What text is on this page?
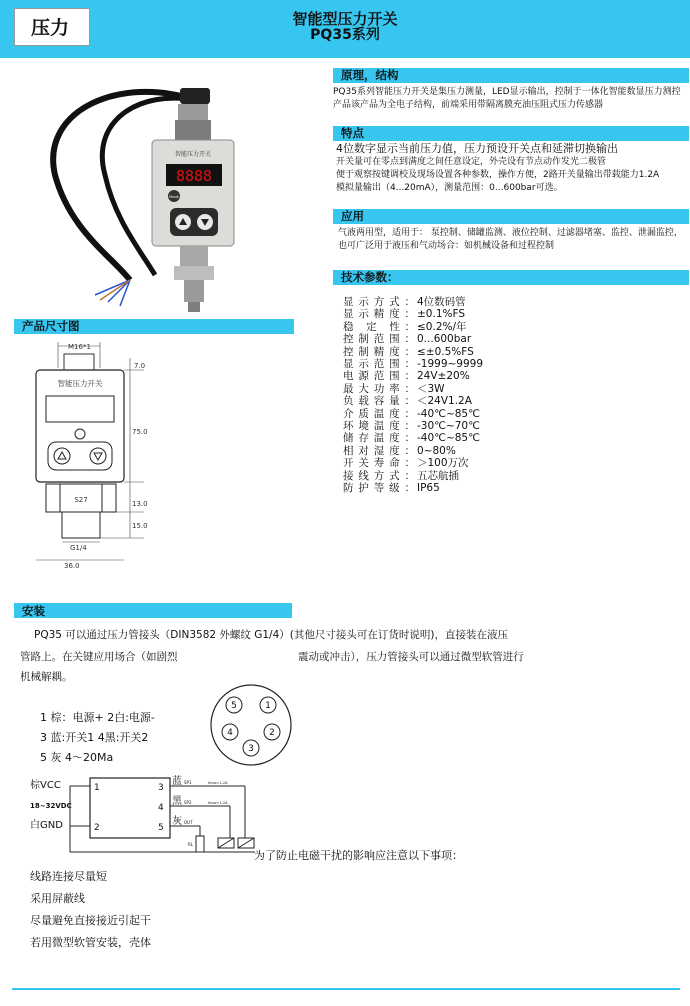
压力	智能型压力开关
PQ35系列
智能压力开关
8888
Mode
原理，结构
PQ35系列智能压力开关是集压力测量，LED显示输出，控制于一体化智能数显压力测控产品该产品为全电子结构，前端采用带隔离膜充油压阻式压力传感器
特点
4位数字显示当前压力值，压力预设开关点和延滞切换输出
开关量可在零点到满度之间任意设定，外壳设有节点动作发光二极管
便于观察按键调校及现场设置各种参数，操作方便，2路开关量输出带载能力1.2A
模拟量输出（4...20mA），测量范围：0...600bar可选。
应用
气液两用型，适用于： 泵控制、储罐监测、液位控制、过滤器堵塞、监控、泄漏监控，也可广泛用于液压和气动场合：如机械设备和过程控制
技术参数：
显示方式： 4位数码管
显示精度： ±0.1%FS
稳 定 性： ≤0.2%/年
控制范围： 0...600bar
控制精度： ≤±0.5%FS
显示范围： -1999~9999
电源范围： 24V±20%
最大功率： ＜3W
负载容量： ＜24V1.2A
介质温度： -40℃~85℃
环境温度： -30℃~70℃
储存温度： -40℃~85℃
相对湿度： 0~80%
开关寿命： ＞100万次
接线方式： 五芯航插
防护等级： IP65
产品尺寸图
M16*1
智能压力开关
S27
G1/4
36.0
7.0
75.0
13.0
15.0
安装
PQ35 可以通过压力管接头（DIN3582 外螺纹 G1/4）(其他尺寸接头可在订货时说明)，直接装在液压
管路上。在关键应用场合（如剧烈	震动或冲击），压力管接头可以通过微型软管进行
机械解耦。
1 棕：电源+ 2白:电源-
3 蓝:开关1 4黑:开关2
5 灰 4～20Ma
5	1
4	2
3
棕VCC
18~32VDC
白GND
1
2
3
4
5
蓝
黑
灰
SP1
SP2
OUT
Imax=1.2A
Imax=1.2A
RL
为了防止电磁干扰的影响应注意以下事项：
线路连接尽量短
采用屏蔽线
尽量避免直接接近引起干
若用微型软管安装，壳体
